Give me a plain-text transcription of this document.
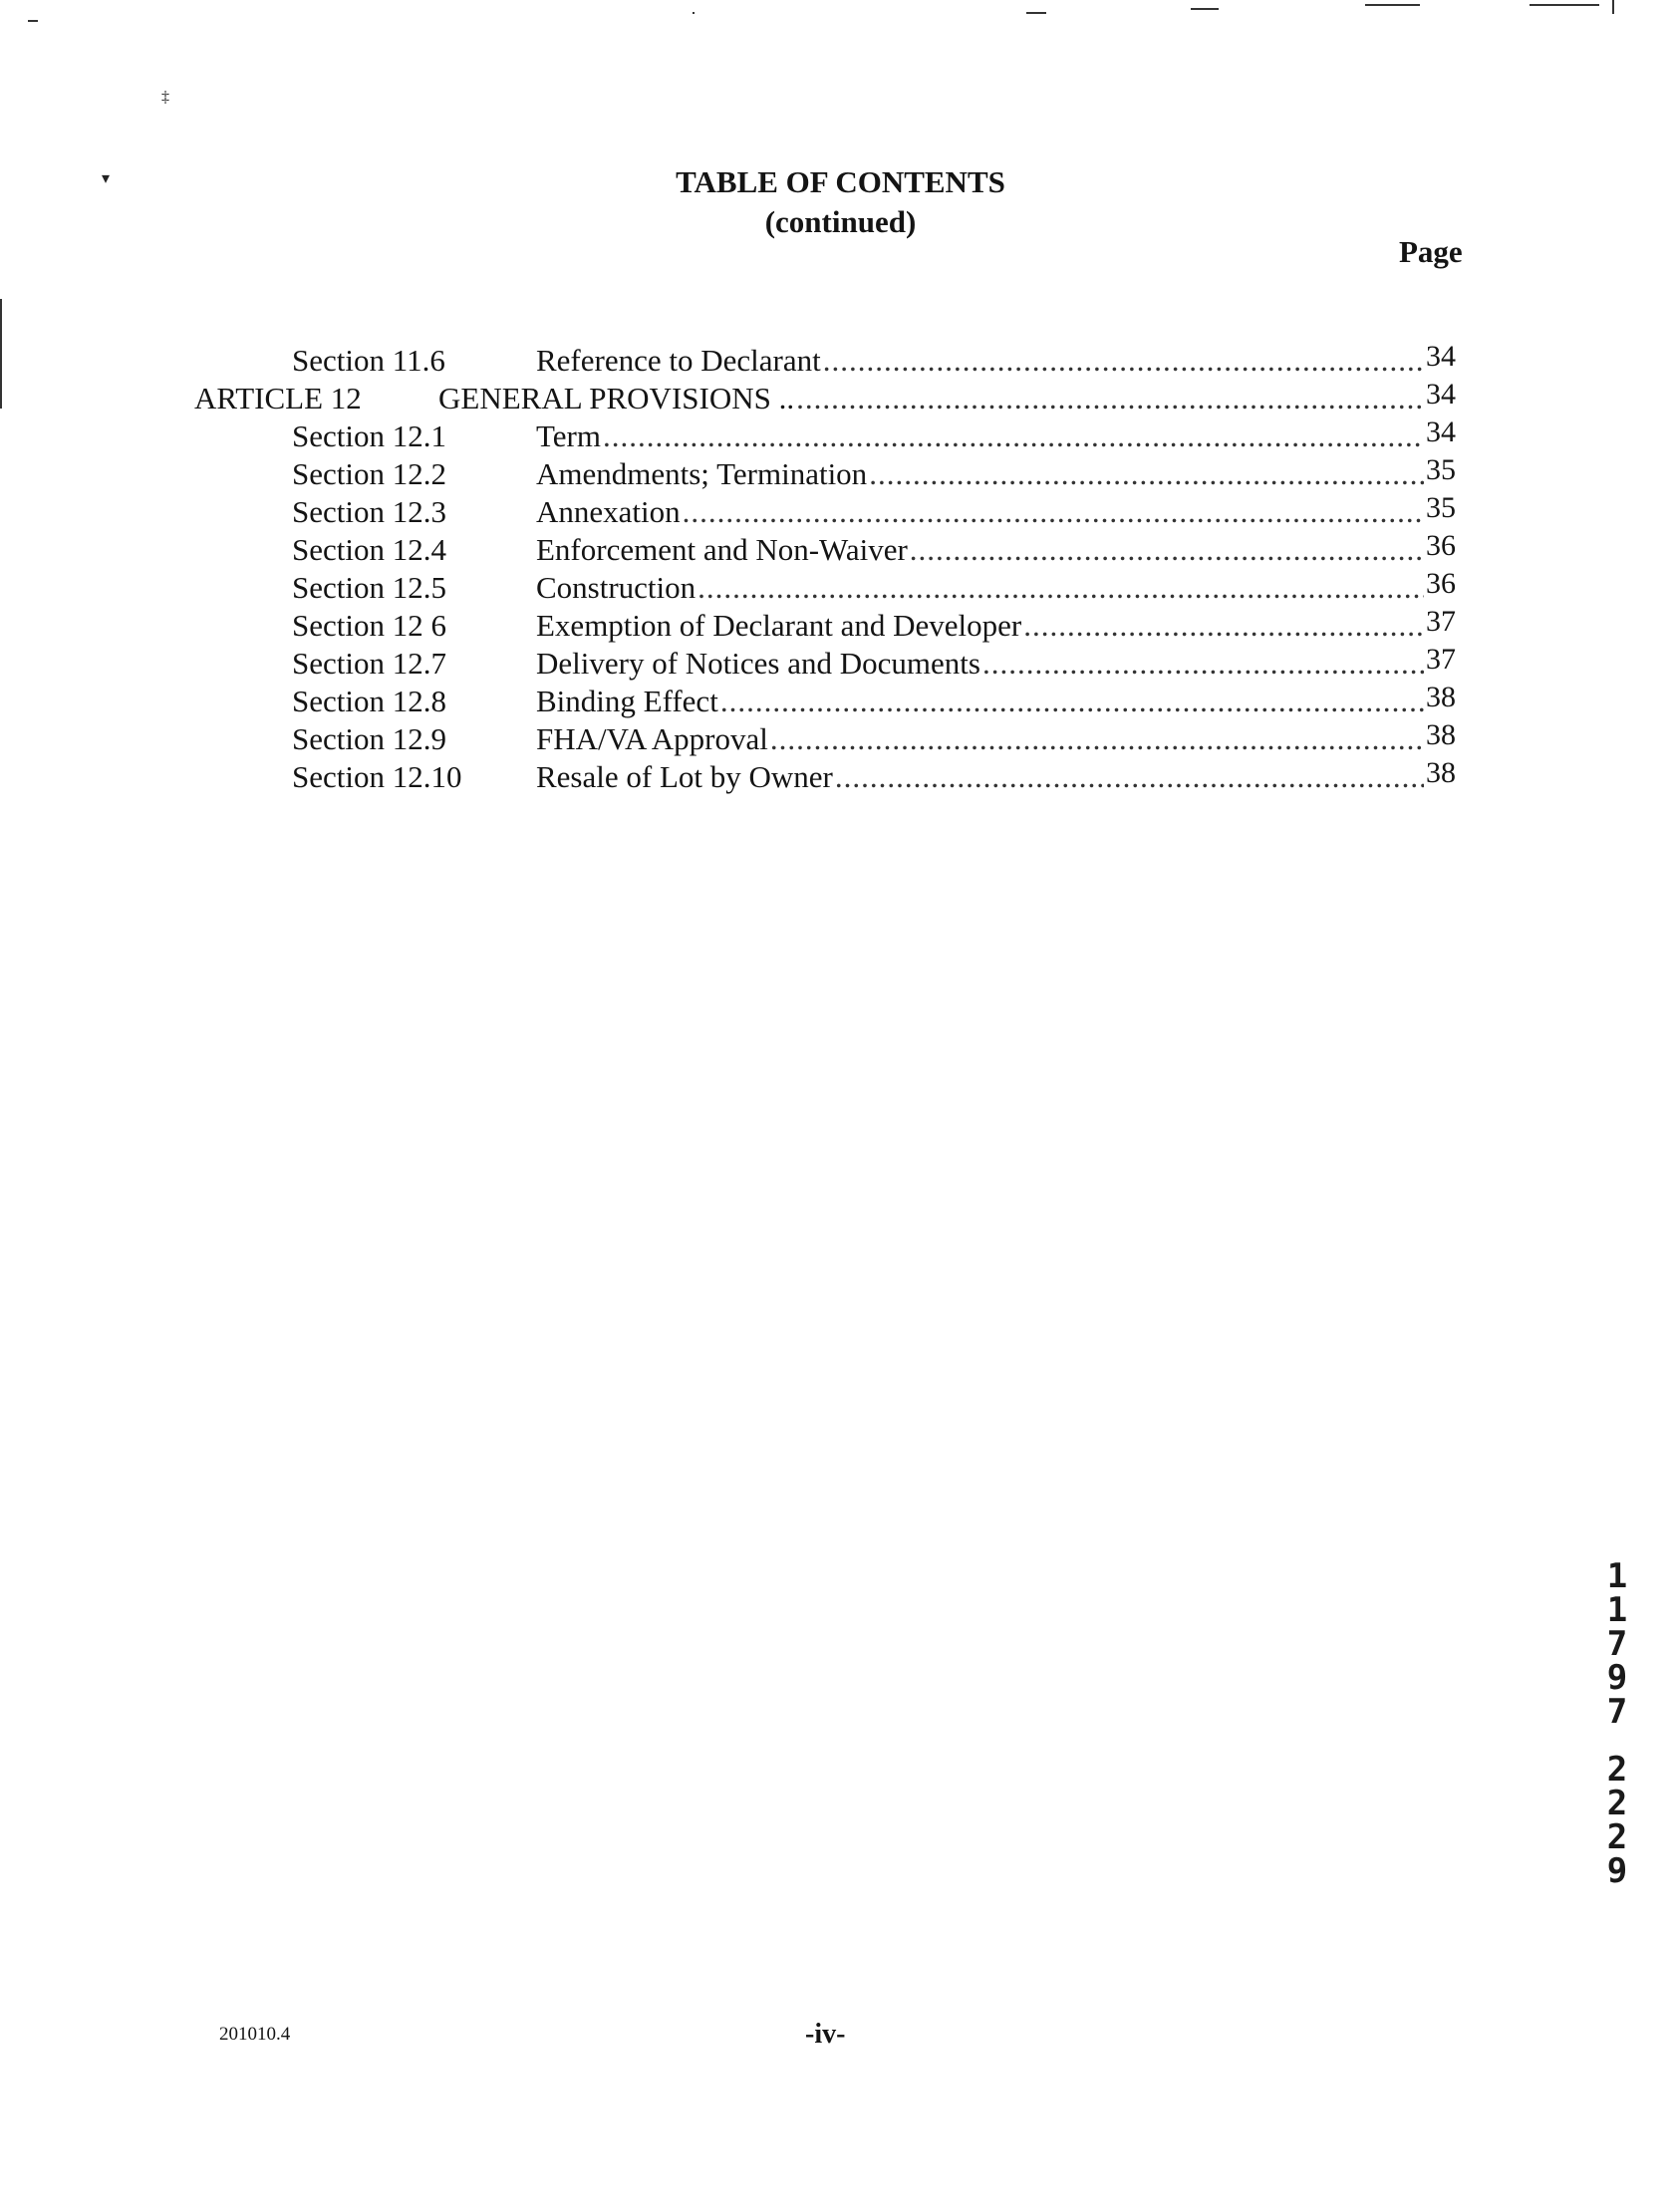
‡
▾	TABLE OF CONTENTS
(continued)
Page
Section 11.6	Reference to Declarant .....	34
ARTICLE 12 GENERAL PROVISIONS .. .....	34
Section 12.1	Term .....	34
Section 12.2	Amendments; Termination .....	35
Section 12.3	Annexation .....	35
Section 12.4	Enforcement and Non-Waiver .....	36
Section 12.5	Construction .....	36
Section 12 6	Exemption of Declarant and Developer .....	37
Section 12.7	Delivery of Notices and Documents .....	37
Section 12.8	Binding Effect .....	38
Section 12.9	FHA/VA Approval .....	38
Section 12.10 Resale of Lot by Owner .....	38
1
1
7
9
7
2
2
2
9
201010.4	-iv-
